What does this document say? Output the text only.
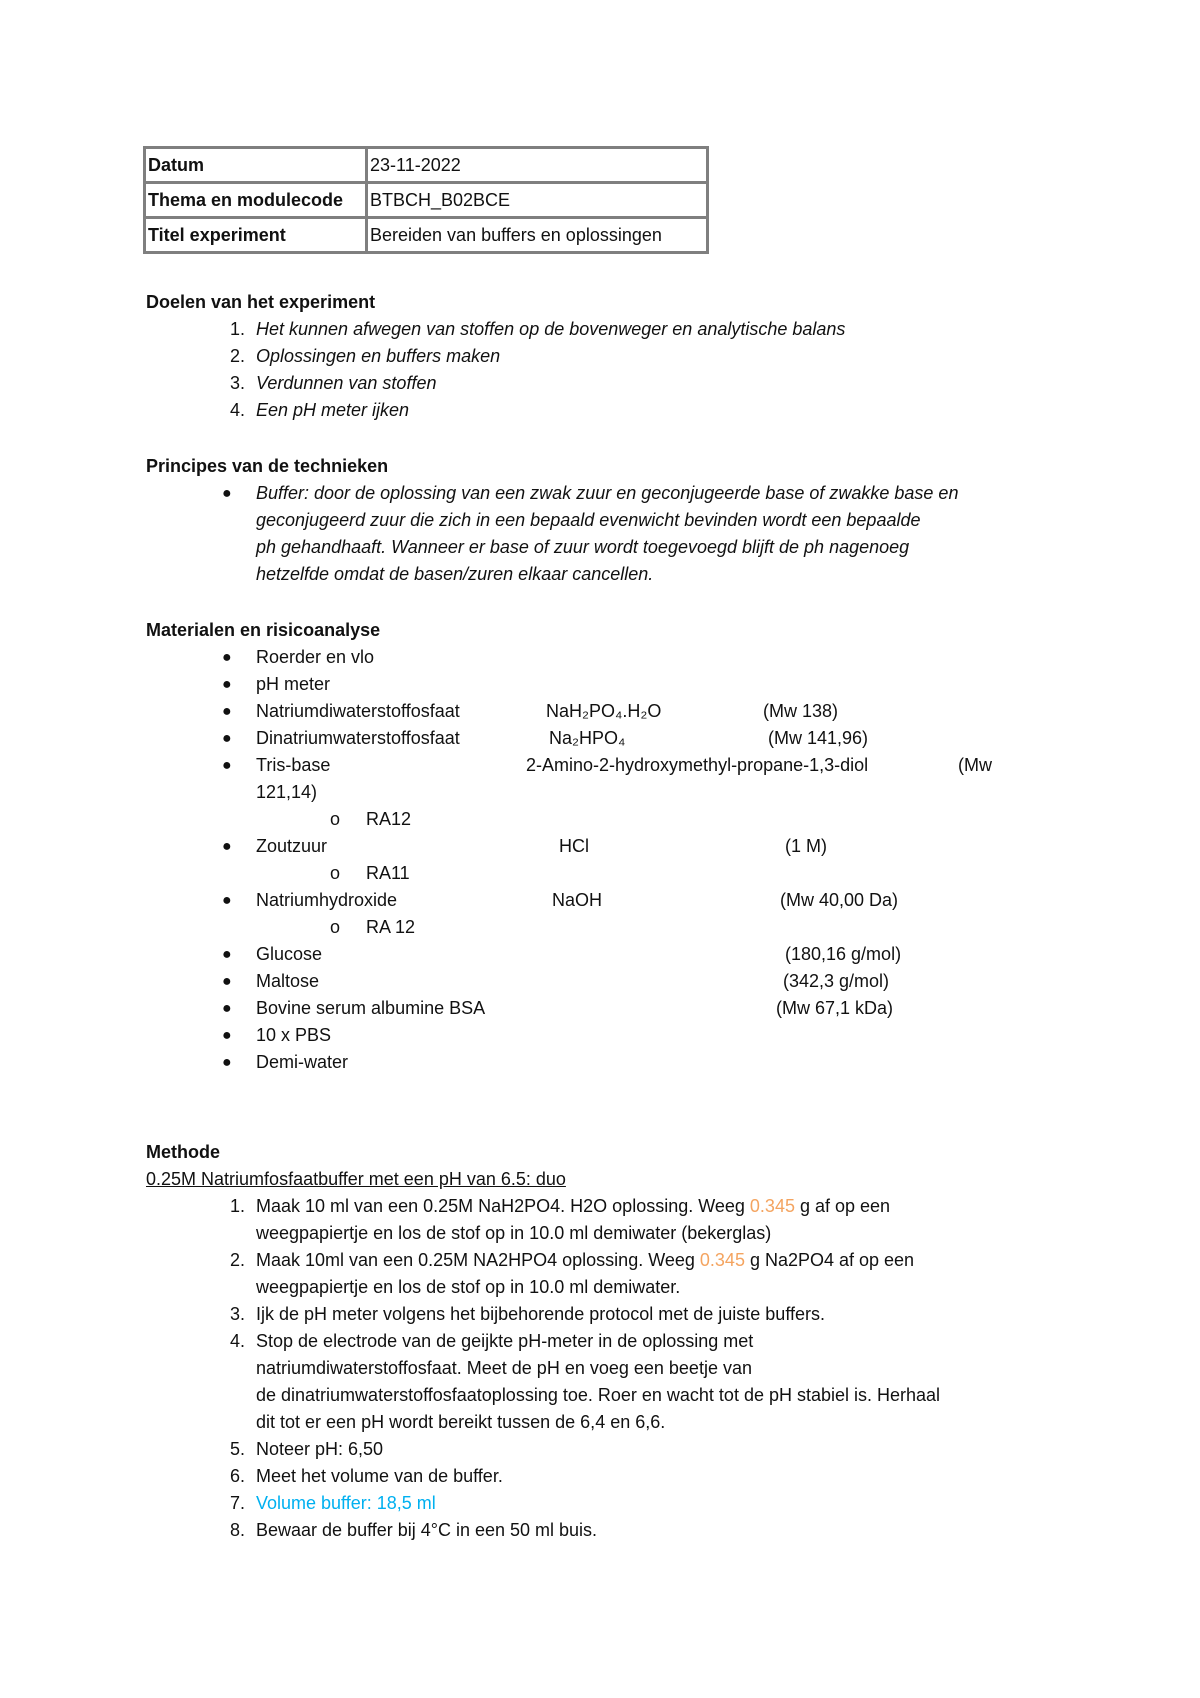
Datum	23-11-2022
Thema en modulecode	BTBCH_B02BCE
Titel experiment	Bereiden van buffers en oplossingen
Doelen van het experiment
1. Het kunnen afwegen van stoffen op de bovenweger en analytische balans
2. Oplossingen en buffers maken
3. Verdunnen van stoffen
4. Een pH meter ijken
Principes van de technieken
● Buffer: door de oplossing van een zwak zuur en geconjugeerde base of zwakke base en
geconjugeerd zuur die zich in een bepaald evenwicht bevinden wordt een bepaalde
ph gehandhaaft. Wanneer er base of zuur wordt toegevoegd blijft de ph nagenoeg
hetzelfde omdat de basen/zuren elkaar cancellen.
Materialen en risicoanalyse
● Roerder en vlo
● pH meter
● Natriumdiwaterstoffosfaat	NaH₂PO₄.H₂O	(Mw 138)
● Dinatriumwaterstoffosfaat	Na₂HPO₄	(Mw 141,96)
● Tris-base	2-Amino-2-hydroxymethyl-propane-1,3-diol	(Mw
121,14)
o RA12
● Zoutzuur	HCl	(1 M)
o RA11
● Natriumhydroxide	NaOH	(Mw 40,00 Da)
o RA 12
● Glucose	(180,16 g/mol)
● Maltose	(342,3 g/mol)
● Bovine serum albumine BSA	(Mw 67,1 kDa)
● 10 x PBS
● Demi-water
Methode
0.25M Natriumfosfaatbuffer met een pH van 6.5: duo
1. Maak 10 ml van een 0.25M NaH2PO4. H2O oplossing. Weeg 0.345 g af op een
weegpapiertje en los de stof op in 10.0 ml demiwater (bekerglas)
2. Maak 10ml van een 0.25M NA2HPO4 oplossing. Weeg 0.345 g Na2PO4 af op een
weegpapiertje en los de stof op in 10.0 ml demiwater.
3. Ijk de pH meter volgens het bijbehorende protocol met de juiste buffers.
4. Stop de electrode van de geijkte pH-meter in de oplossing met
natriumdiwaterstoffosfaat. Meet de pH en voeg een beetje van
de dinatriumwaterstoffosfaatoplossing toe. Roer en wacht tot de pH stabiel is. Herhaal
dit tot er een pH wordt bereikt tussen de 6,4 en 6,6.
5. Noteer pH: 6,50
6. Meet het volume van de buffer.
7. Volume buffer: 18,5 ml
8. Bewaar de buffer bij 4°C in een 50 ml buis.
